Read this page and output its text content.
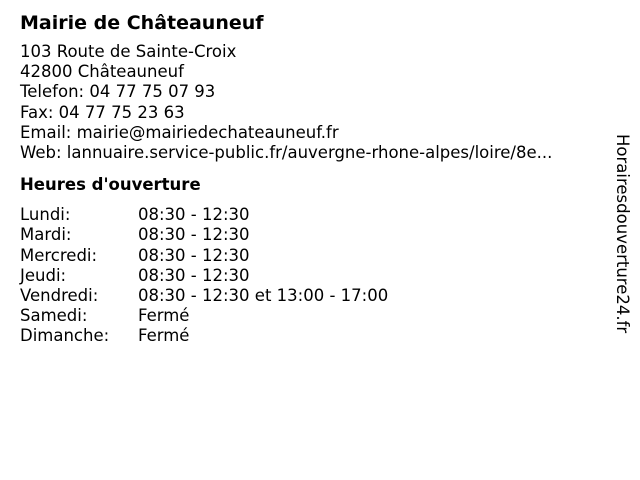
Mairie de Châteauneuf
103 Route de Sainte-Croix
42800 Châteauneuf
Telefon: 04 77 75 07 93
Fax: 04 77 75 23 63
Email: mairie@mairiedechateauneuf.fr
Web: lannuaire.service-public.fr/auvergne-rhone-alpes/loire/8e...
Heures d'ouverture
Lundi:	08:30 - 12:30
Mardi:	08:30 - 12:30
Mercredi:	08:30 - 12:30
Jeudi:	08:30 - 12:30
Vendredi:	08:30 - 12:30 et 13:00 - 17:00
Samedi:	Fermé
Dimanche:	Fermé
Horairesdouverture24.fr
